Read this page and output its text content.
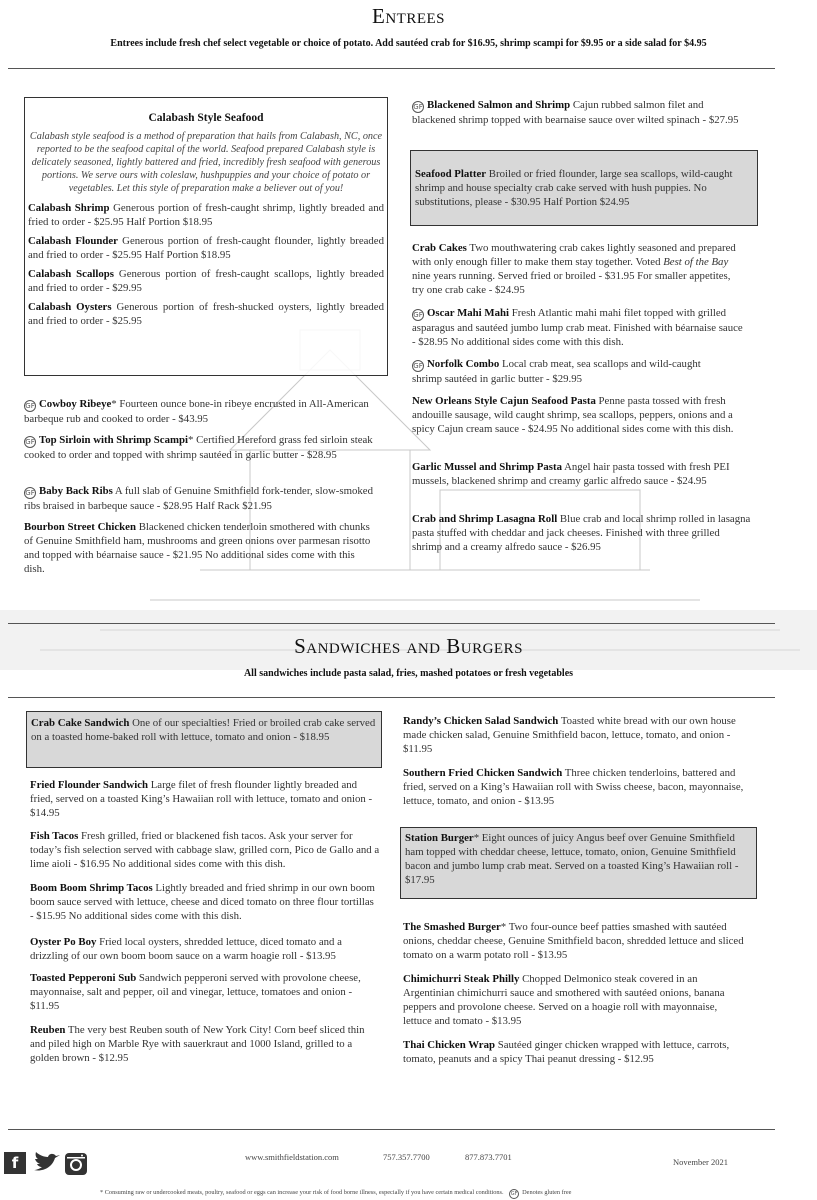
Entrees
Entrees include fresh chef select vegetable or choice of potato. Add sautéed crab for $16.95, shrimp scampi for $9.95 or a side salad for $4.95
Calabash Style Seafood
Calabash style seafood is a method of preparation that hails from Calabash, NC, once reported to be the seafood capital of the world. Seafood prepared Calabash style is delicately seasoned, lightly battered and fried, incredibly fresh seafood with generous portions. We serve ours with coleslaw, hushpuppies and your choice of potato or vegetables. Let this style of preparation make a believer out of you!
Calabash Shrimp Generous portion of fresh-caught shrimp, lightly breaded and fried to order - $25.95 Half Portion $18.95
Calabash Flounder Generous portion of fresh-caught flounder, lightly breaded and fried to order - $25.95 Half Portion $18.95
Calabash Scallops Generous portion of fresh-caught scallops, lightly breaded and fried to order - $29.95
Calabash Oysters Generous portion of fresh-shucked oysters, lightly breaded and fried to order - $25.95
GF Cowboy Ribeye* Fourteen ounce bone-in ribeye encrusted in All-American barbeque rub and cooked to order - $43.95
GF Top Sirloin with Shrimp Scampi* Certified Hereford grass fed sirloin steak cooked to order and topped with shrimp sautéed in garlic butter - $28.95
GF Baby Back Ribs A full slab of Genuine Smithfield fork-tender, slow-smoked ribs braised in barbeque sauce - $28.95 Half Rack $21.95
Bourbon Street Chicken Blackened chicken tenderloin smothered with chunks of Genuine Smithfield ham, mushrooms and green onions over parmesan risotto and topped with béarnaise sauce - $21.95 No additional sides come with this dish.
GF Blackened Salmon and Shrimp Cajun rubbed salmon filet and blackened shrimp topped with bearnaise sauce over wilted spinach - $27.95
Seafood Platter Broiled or fried flounder, large sea scallops, wild-caught shrimp and house specialty crab cake served with hush puppies. No substitutions, please - $30.95 Half Portion $24.95
Crab Cakes Two mouthwatering crab cakes lightly seasoned and prepared with only enough filler to make them stay together. Voted Best of the Bay nine years running. Served fried or broiled - $31.95 For smaller appetites, try one crab cake - $24.95
GF Oscar Mahi Mahi Fresh Atlantic mahi mahi filet topped with grilled asparagus and sautéed jumbo lump crab meat. Finished with béarnaise sauce - $28.95 No additional sides come with this dish.
GF Norfolk Combo Local crab meat, sea scallops and wild-caught shrimp sautéed in garlic butter - $29.95
New Orleans Style Cajun Seafood Pasta Penne pasta tossed with fresh andouille sausage, wild caught shrimp, sea scallops, peppers, onions and a spicy Cajun cream sauce - $24.95 No additional sides come with this dish.
Garlic Mussel and Shrimp Pasta Angel hair pasta tossed with fresh PEI mussels, blackened shrimp and creamy garlic alfredo sauce - $24.95
Crab and Shrimp Lasagna Roll Blue crab and local shrimp rolled in lasagna pasta stuffed with cheddar and jack cheeses. Finished with three grilled shrimp and a creamy alfredo sauce - $26.95
Sandwiches and Burgers
All sandwiches include pasta salad, fries, mashed potatoes or fresh vegetables
Crab Cake Sandwich One of our specialties! Fried or broiled crab cake served on a toasted home-baked roll with lettuce, tomato and onion - $18.95
Fried Flounder Sandwich Large filet of fresh flounder lightly breaded and fried, served on a toasted King’s Hawaiian roll with lettuce, tomato and onion - $14.95
Fish Tacos Fresh grilled, fried or blackened fish tacos. Ask your server for today’s fish selection served with cabbage slaw, grilled corn, Pico de Gallo and a lime aioli - $16.95 No additional sides come with this dish.
Boom Boom Shrimp Tacos Lightly breaded and fried shrimp in our own boom boom sauce served with lettuce, cheese and diced tomato on three flour tortillas - $15.95 No additional sides come with this dish.
Oyster Po Boy Fried local oysters, shredded lettuce, diced tomato and a drizzling of our own boom boom sauce on a warm hoagie roll - $13.95
Toasted Pepperoni Sub Sandwich pepperoni served with provolone cheese, mayonnaise, salt and pepper, oil and vinegar, lettuce, tomatoes and onion - $11.95
Reuben The very best Reuben south of New York City! Corn beef sliced thin and piled high on Marble Rye with sauerkraut and 1000 Island, grilled to a golden brown - $12.95
Randy’s Chicken Salad Sandwich Toasted white bread with our own house made chicken salad, Genuine Smithfield bacon, lettuce, tomato, and onion - $11.95
Southern Fried Chicken Sandwich Three chicken tenderloins, battered and fried, served on a King’s Hawaiian roll with Swiss cheese, bacon, mayonnaise, lettuce, tomato, and onion - $13.95
Station Burger* Eight ounces of juicy Angus beef over Genuine Smithfield ham topped with cheddar cheese, lettuce, tomato, onion, Genuine Smithfield bacon and jumbo lump crab meat. Served on a toasted King’s Hawaiian roll - $17.95
The Smashed Burger* Two four-ounce beef patties smashed with sautéed onions, cheddar cheese, Genuine Smithfield bacon, shredded lettuce and sliced tomato on a warm potato roll - $13.95
Chimichurri Steak Philly Chopped Delmonico steak covered in an Argentinian chimichurri sauce and smothered with sautéed onions, banana peppers and provolone cheese. Served on a hoagie roll with mayonnaise, lettuce and tomato - $13.95
Thai Chicken Wrap Sautéed ginger chicken wrapped with lettuce, carrots, tomato, peanuts and a spicy Thai peanut dressing - $12.95
f	www.smithfieldstation.com	757.357.7700	877.873.7701	November 2021
* Consuming raw or undercooked meats, poultry, seafood or eggs can increase your risk of food borne illness, especially if you have certain medical conditions. GF Denotes gluten free
